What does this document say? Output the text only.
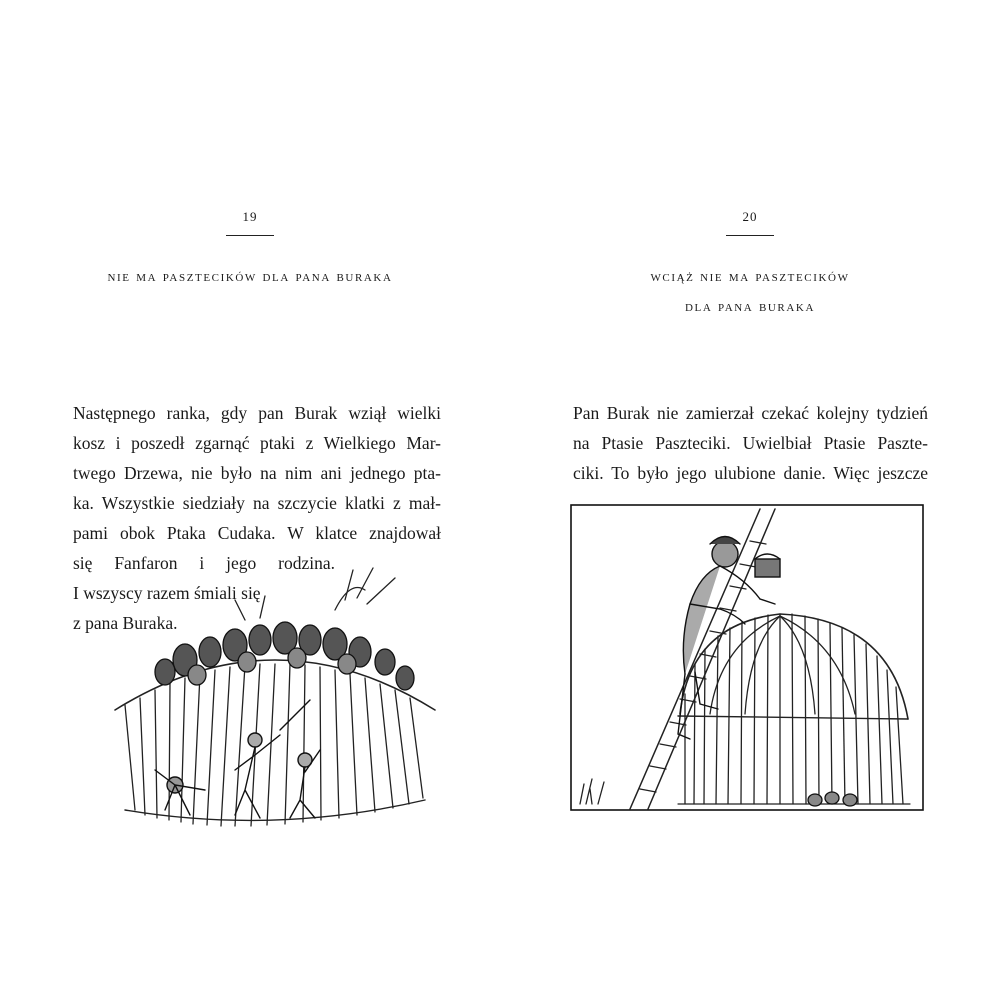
19
nie ma pasztecików dla pana buraka
Następnego ranka, gdy pan Burak wziął wielki
kosz i poszedł zgarnąć ptaki z Wielkiego Mar-
twego Drzewa, nie było na nim ani jednego pta-
ka. Wszystkie siedziały na szczycie klatki z mał-
pami obok Ptaka Cudaka. W klatce znajdował
się Fanfaron i jego rodzina.
I wszyscy razem śmiali się
z pana Buraka.
20
wciąż nie ma pasztecików
dla pana buraka
Pan Burak nie zamierzał czekać kolejny tydzień
na Ptasie Paszteciki. Uwielbiał Ptasie Paszte-
ciki. To było jego ulubione danie. Więc jeszcze
